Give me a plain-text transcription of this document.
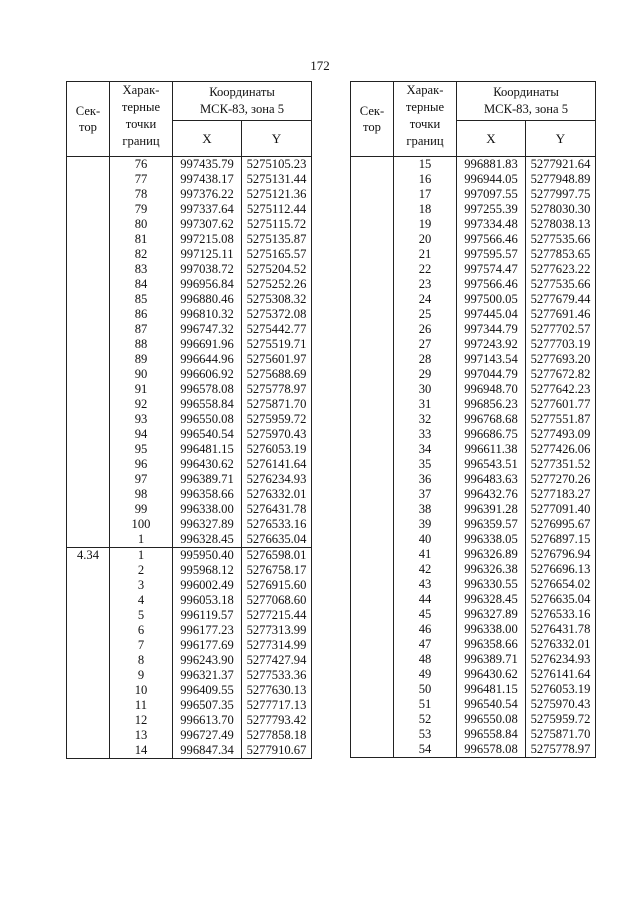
172
Сек-
тор	Харак-
терные
точки
границ	Координаты
МСК-83, зона 5	
		X	Y
	76	997435.79	5275105.23
	77	997438.17	5275131.44
	78	997376.22	5275121.36
	79	997337.64	5275112.44
	80	997307.62	5275115.72
	81	997215.08	5275135.87
	82	997125.11	5275165.57
	83	997038.72	5275204.52
	84	996956.84	5275252.26
	85	996880.46	5275308.32
	86	996810.32	5275372.08
	87	996747.32	5275442.77
	88	996691.96	5275519.71
	89	996644.96	5275601.97
	90	996606.92	5275688.69
	91	996578.08	5275778.97
	92	996558.84	5275871.70
	93	996550.08	5275959.72
	94	996540.54	5275970.43
	95	996481.15	5276053.19
	96	996430.62	5276141.64
	97	996389.71	5276234.93
	98	996358.66	5276332.01
	99	996338.00	5276431.78
	100	996327.89	5276533.16
	1	996328.45	5276635.04
4.34	1	995950.40	5276598.01
	2	995968.12	5276758.17
	3	996002.49	5276915.60
	4	996053.18	5277068.60
	5	996119.57	5277215.44
	6	996177.23	5277313.99
	7	996177.69	5277314.99
	8	996243.90	5277427.94
	9	996321.37	5277533.36
	10	996409.55	5277630.13
	11	996507.35	5277717.13
	12	996613.70	5277793.42
	13	996727.49	5277858.18
	14	996847.34	5277910.67
Сек-
тор	Харак-
терные
точки
границ	Координаты
МСК-83, зона 5	
		X	Y
	15	996881.83	5277921.64
	16	996944.05	5277948.89
	17	997097.55	5277997.75
	18	997255.39	5278030.30
	19	997334.48	5278038.13
	20	997566.46	5277535.66
	21	997595.57	5277853.65
	22	997574.47	5277623.22
	23	997566.46	5277535.66
	24	997500.05	5277679.44
	25	997445.04	5277691.46
	26	997344.79	5277702.57
	27	997243.92	5277703.19
	28	997143.54	5277693.20
	29	997044.79	5277672.82
	30	996948.70	5277642.23
	31	996856.23	5277601.77
	32	996768.68	5277551.87
	33	996686.75	5277493.09
	34	996611.38	5277426.06
	35	996543.51	5277351.52
	36	996483.63	5277270.26
	37	996432.76	5277183.27
	38	996391.28	5277091.40
	39	996359.57	5276995.67
	40	996338.05	5276897.15
	41	996326.89	5276796.94
	42	996326.38	5276696.13
	43	996330.55	5276654.02
	44	996328.45	5276635.04
	45	996327.89	5276533.16
	46	996338.00	5276431.78
	47	996358.66	5276332.01
	48	996389.71	5276234.93
	49	996430.62	5276141.64
	50	996481.15	5276053.19
	51	996540.54	5275970.43
	52	996550.08	5275959.72
	53	996558.84	5275871.70
	54	996578.08	5275778.97
